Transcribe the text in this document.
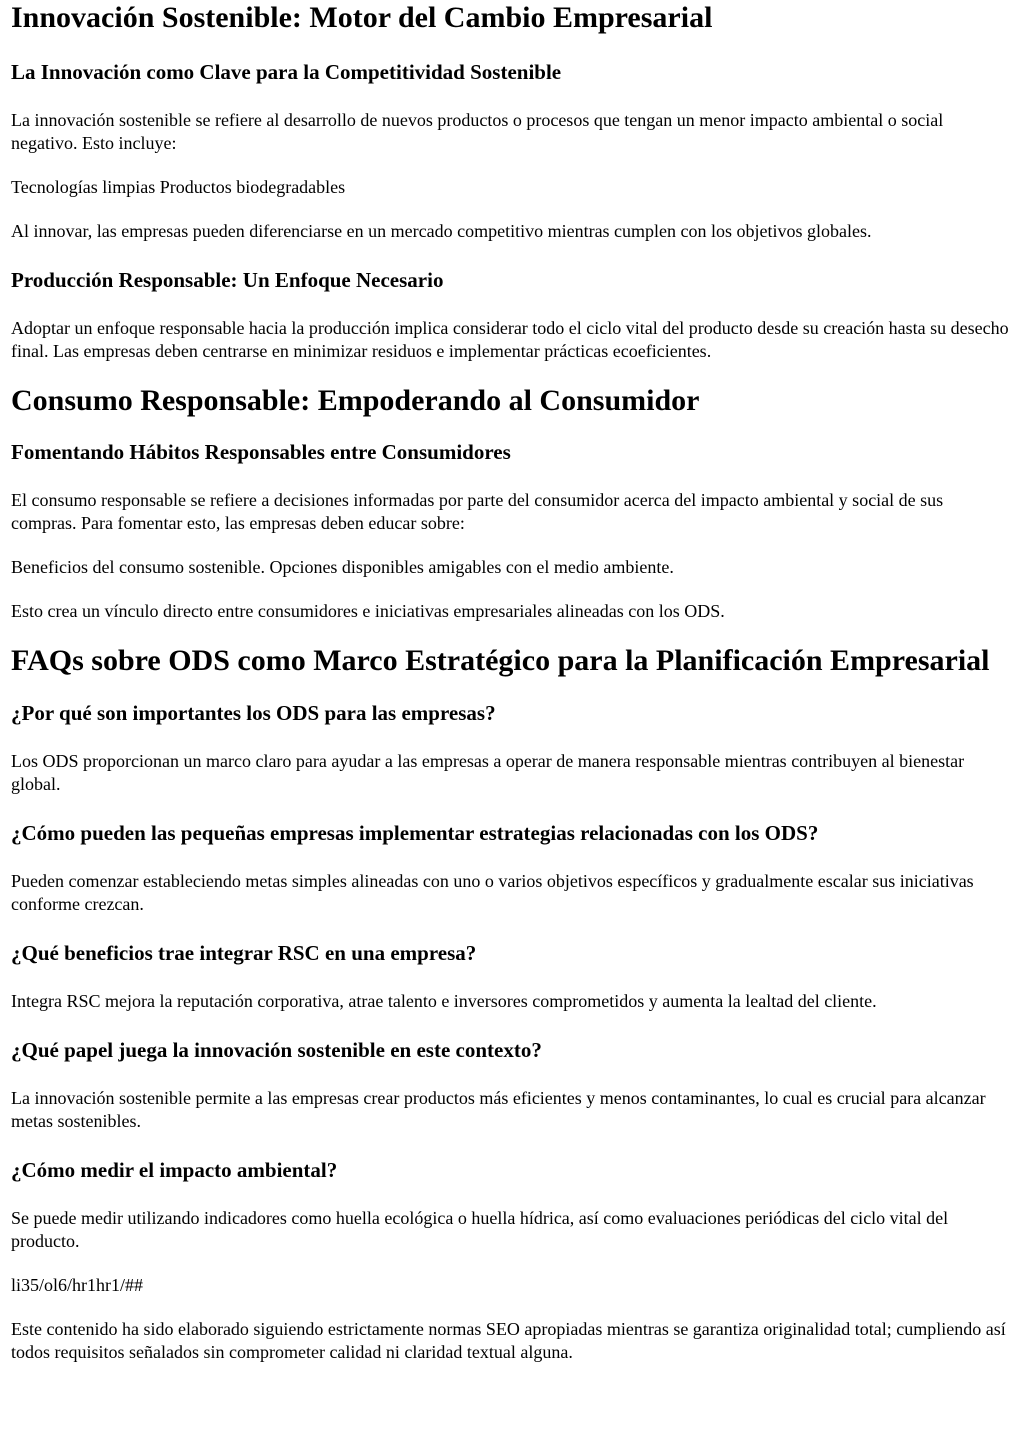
Innovación Sostenible: Motor del Cambio Empresarial
La Innovación como Clave para la Competitividad Sostenible

La innovación sostenible se refiere al desarrollo de nuevos productos o procesos que tengan un menor impacto ambiental o social negativo. Esto incluye:

Tecnologías limpias Productos biodegradables

Al innovar, las empresas pueden diferenciarse en un mercado competitivo mientras cumplen con los objetivos globales.

Producción Responsable: Un Enfoque Necesario

Adoptar un enfoque responsable hacia la producción implica considerar todo el ciclo vital del producto desde su creación hasta su desecho final. Las empresas deben centrarse en minimizar residuos e implementar prácticas ecoeficientes.

Consumo Responsable: Empoderando al Consumidor
Fomentando Hábitos Responsables entre Consumidores

El consumo responsable se refiere a decisiones informadas por parte del consumidor acerca del impacto ambiental y social de sus compras. Para fomentar esto, las empresas deben educar sobre:

Beneficios del consumo sostenible. Opciones disponibles amigables con el medio ambiente.

Esto crea un vínculo directo entre consumidores e iniciativas empresariales alineadas con los ODS.

FAQs sobre ODS como Marco Estratégico para la Planificación Empresarial
¿Por qué son importantes los ODS para las empresas?

Los ODS proporcionan un marco claro para ayudar a las empresas a operar de manera responsable mientras contribuyen al bienestar global.

¿Cómo pueden las pequeñas empresas implementar estrategias relacionadas con los ODS?

Pueden comenzar estableciendo metas simples alineadas con uno o varios objetivos específicos y gradualmente escalar sus iniciativas conforme crezcan.

¿Qué beneficios trae integrar RSC en una empresa?

Integra RSC mejora la reputación corporativa, atrae talento e inversores comprometidos y aumenta la lealtad del cliente.

¿Qué papel juega la innovación sostenible en este contexto?

La innovación sostenible permite a las empresas crear productos más eficientes y menos contaminantes, lo cual es crucial para alcanzar metas sostenibles.

¿Cómo medir el impacto ambiental?

Se puede medir utilizando indicadores como huella ecológica o huella hídrica, así como evaluaciones periódicas del ciclo vital del producto.

li35/ol6/hr1hr1/##

Este contenido ha sido elaborado siguiendo estrictamente normas SEO apropiadas mientras se garantiza originalidad total; cumpliendo así todos requisitos señalados sin comprometer calidad ni claridad textual alguna.
